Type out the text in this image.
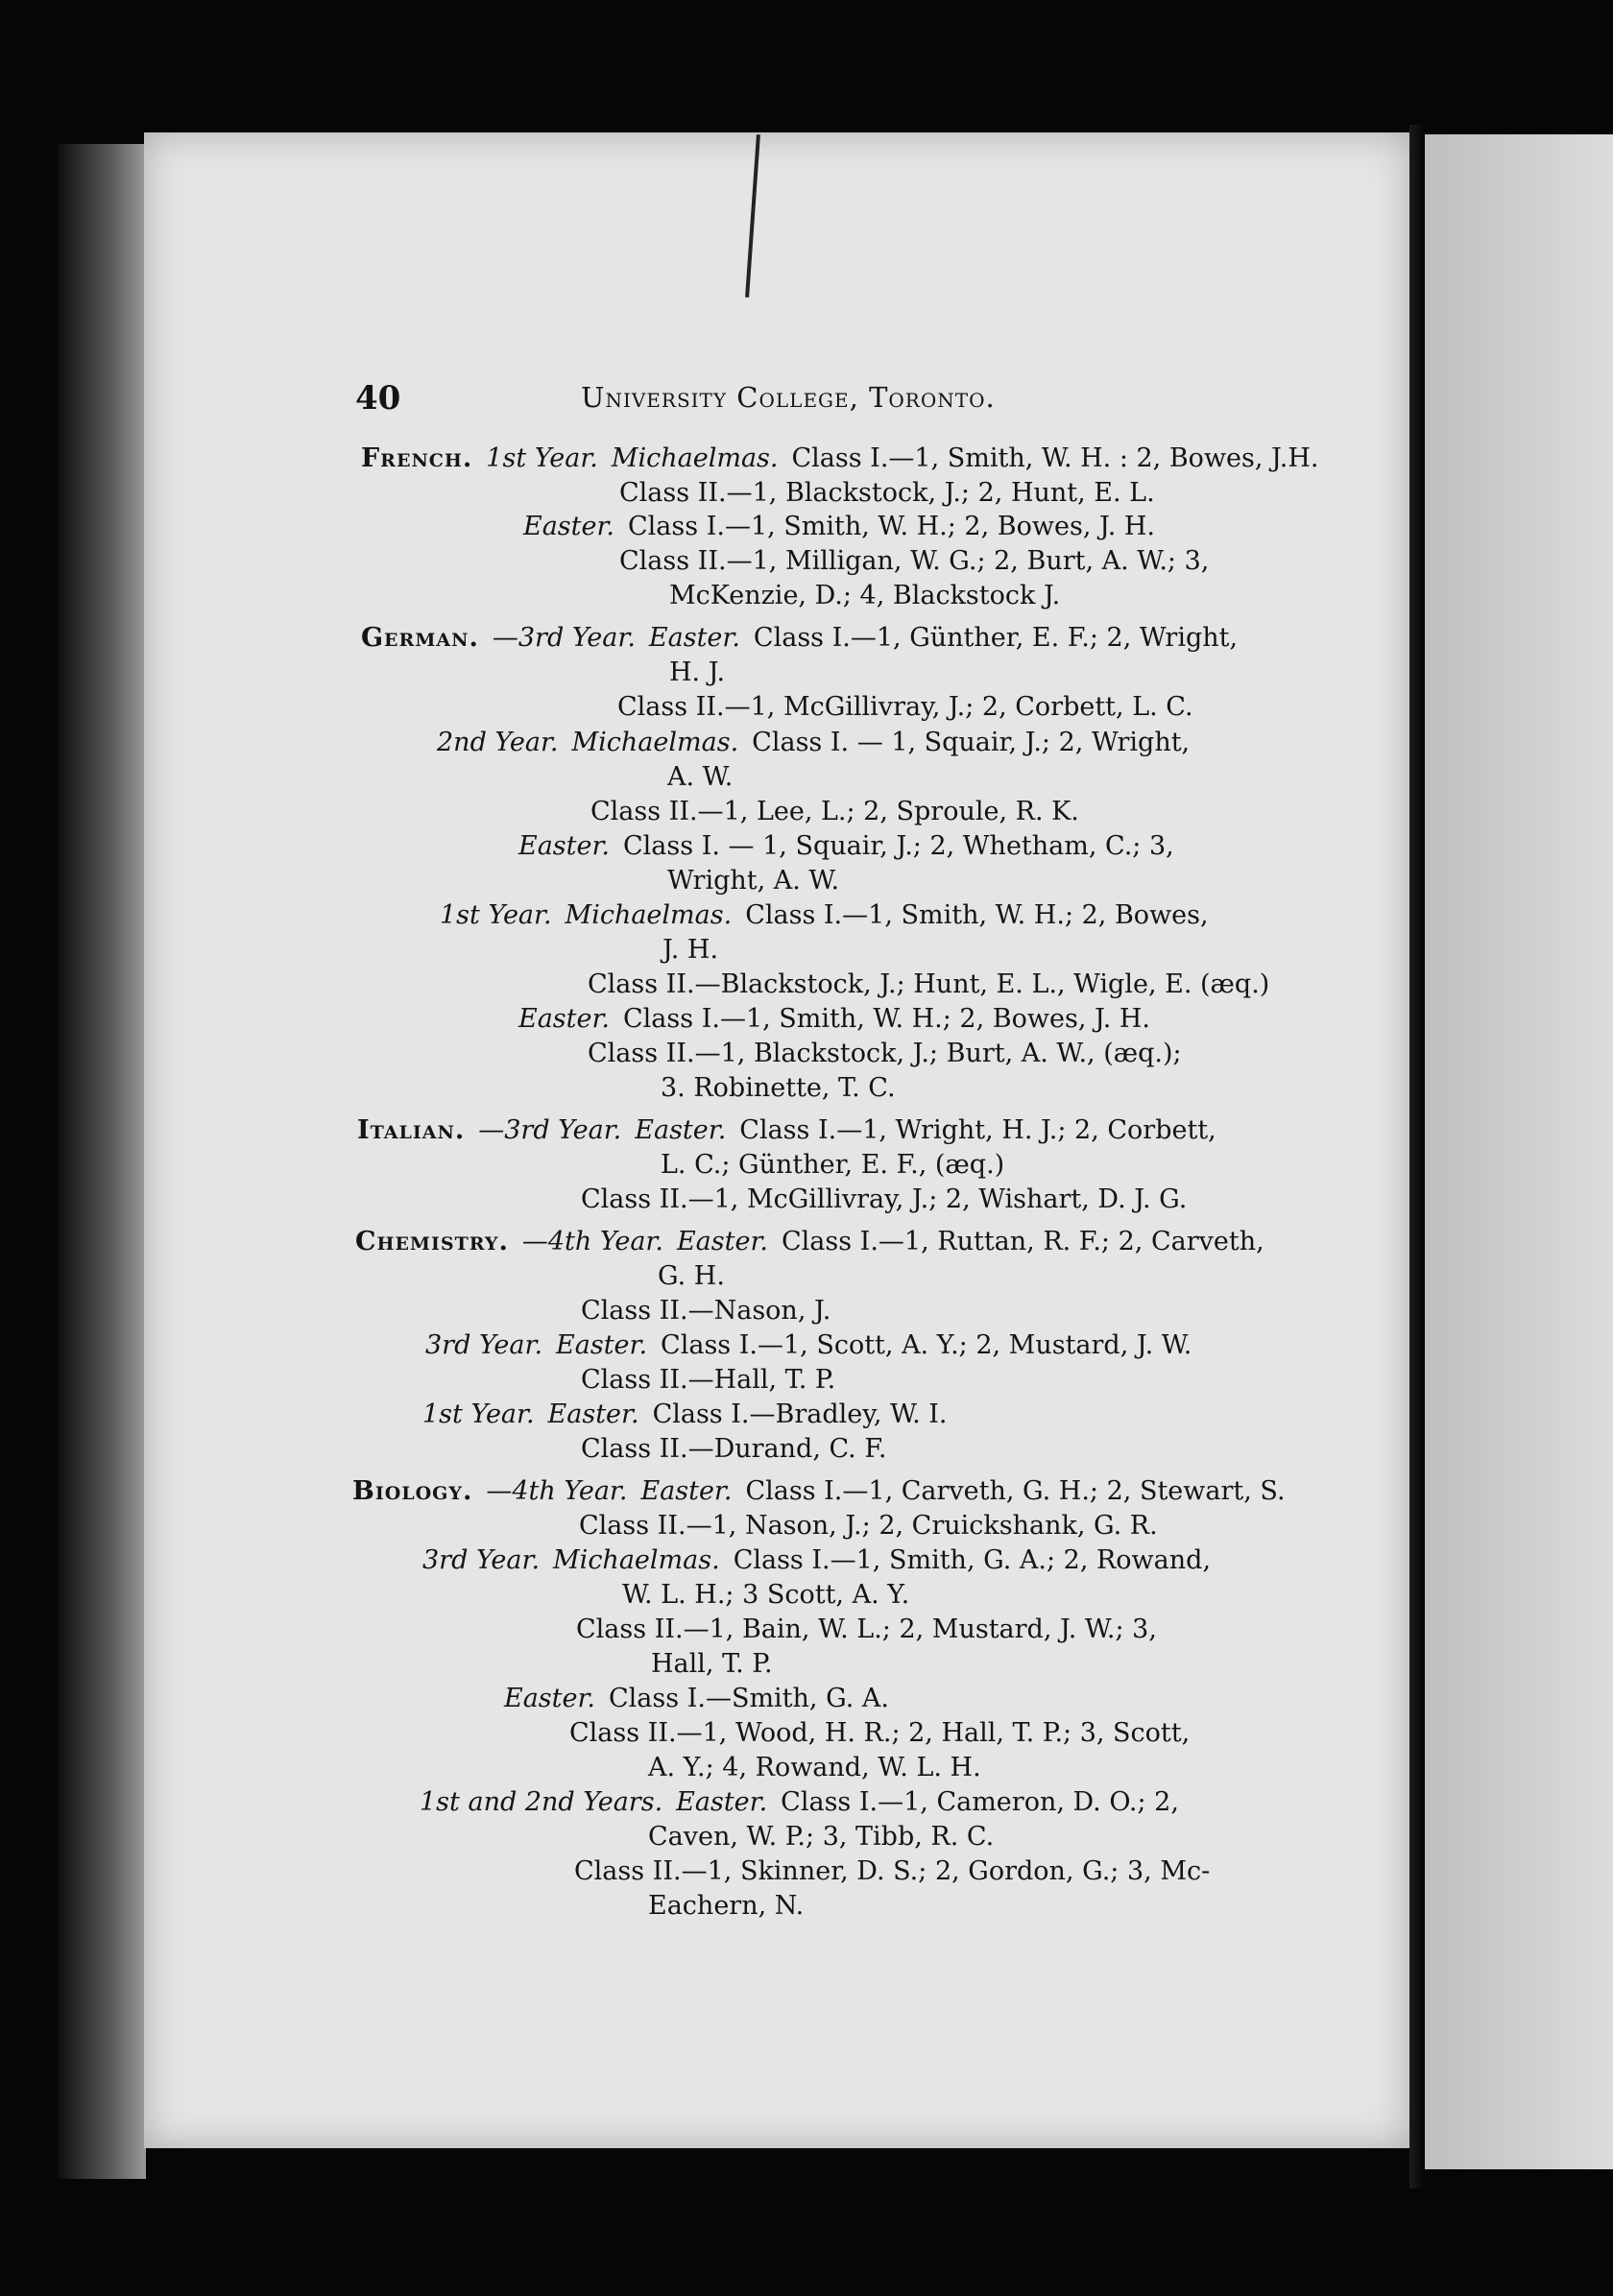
40	University College, Toronto.
French. 1st Year. Michaelmas. Class I.—1, Smith, W. H. : 2, Bowes, J.H.
Class II.—1, Blackstock, J.; 2, Hunt, E. L.
Easter. Class I.—1, Smith, W. H.; 2, Bowes, J. H.
Class II.—1, Milligan, W. G.; 2, Burt, A. W.; 3,
McKenzie, D.; 4, Blackstock J.
German. —3rd Year. Easter. Class I.—1, Günther, E. F.; 2, Wright,
H. J.
Class II.—1, McGillivray, J.; 2, Corbett, L. C.
2nd Year. Michaelmas. Class I. — 1, Squair, J.; 2, Wright,
A. W.
Class II.—1, Lee, L.; 2, Sproule, R. K.
Easter. Class I. — 1, Squair, J.; 2, Whetham, C.; 3,
Wright, A. W.
1st Year. Michaelmas. Class I.—1, Smith, W. H.; 2, Bowes,
J. H.
Class II.—Blackstock, J.; Hunt, E. L., Wigle, E. (æq.)
Easter. Class I.—1, Smith, W. H.; 2, Bowes, J. H.
Class II.—1, Blackstock, J.; Burt, A. W., (æq.);
3. Robinette, T. C.
Italian. —3rd Year. Easter. Class I.—1, Wright, H. J.; 2, Corbett,
L. C.; Günther, E. F., (æq.)
Class II.—1, McGillivray, J.; 2, Wishart, D. J. G.
Chemistry. —4th Year. Easter. Class I.—1, Ruttan, R. F.; 2, Carveth,
G. H.
Class II.—Nason, J.
3rd Year. Easter. Class I.—1, Scott, A. Y.; 2, Mustard, J. W.
Class II.—Hall, T. P.
1st Year. Easter. Class I.—Bradley, W. I.
Class II.—Durand, C. F.
Biology. —4th Year. Easter. Class I.—1, Carveth, G. H.; 2, Stewart, S.
Class II.—1, Nason, J.; 2, Cruickshank, G. R.
3rd Year. Michaelmas. Class I.—1, Smith, G. A.; 2, Rowand,
W. L. H.; 3 Scott, A. Y.
Class II.—1, Bain, W. L.; 2, Mustard, J. W.; 3,
Hall, T. P.
Easter. Class I.—Smith, G. A.
Class II.—1, Wood, H. R.; 2, Hall, T. P.; 3, Scott,
A. Y.; 4, Rowand, W. L. H.
1st and 2nd Years. Easter. Class I.—1, Cameron, D. O.; 2,
Caven, W. P.; 3, Tibb, R. C.
Class II.—1, Skinner, D. S.; 2, Gordon, G.; 3, Mc-
Eachern, N.
